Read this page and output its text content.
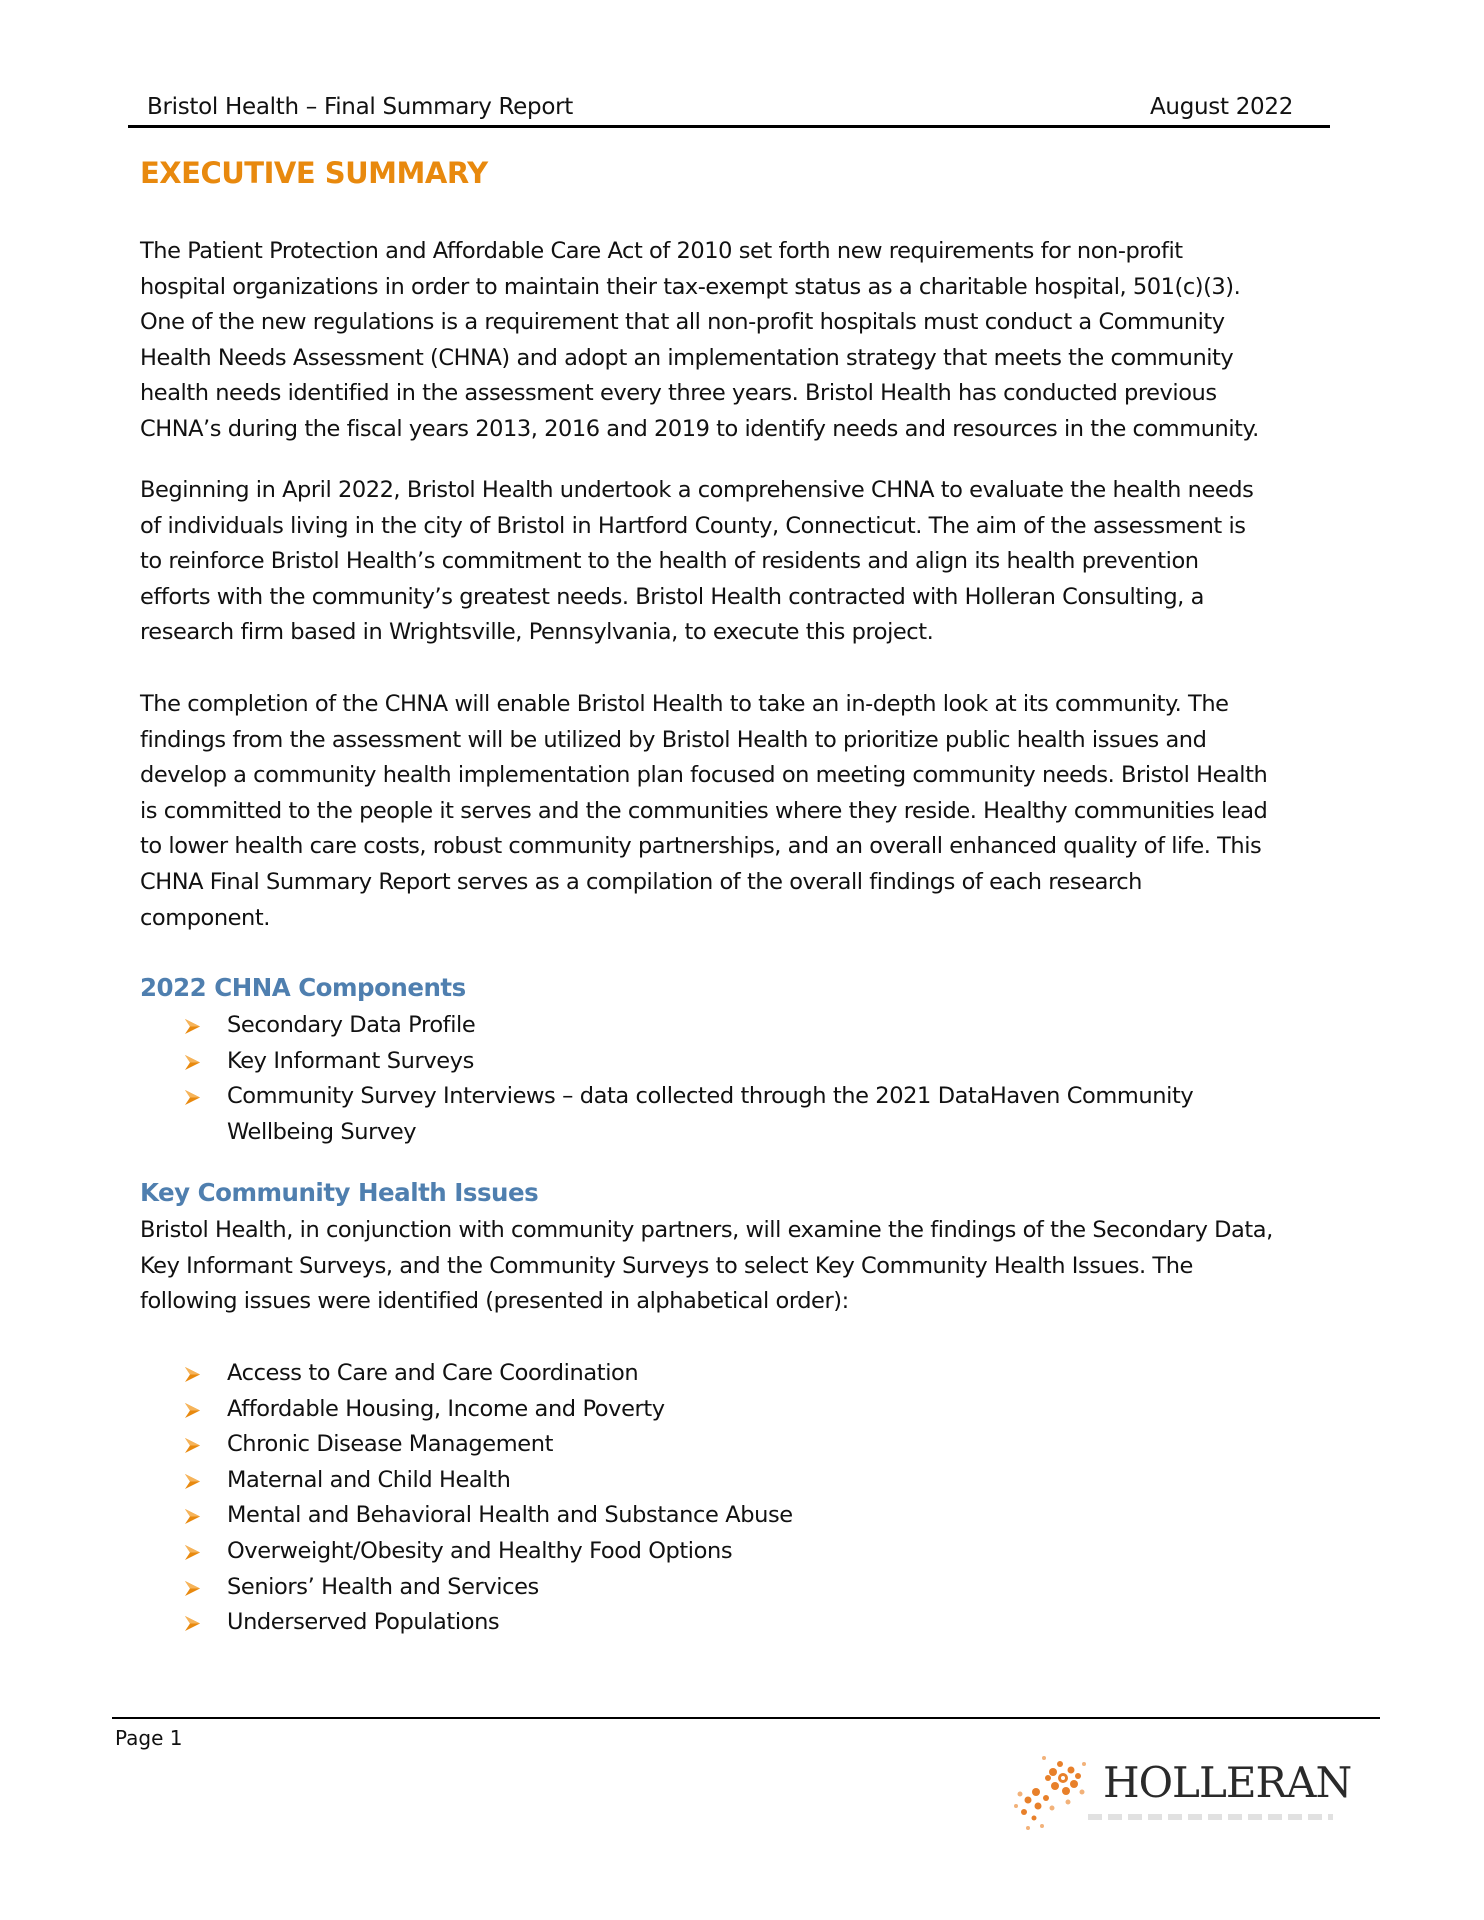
Bristol Health – Final Summary Report	August 2022
EXECUTIVE SUMMARY
The Patient Protection and Affordable Care Act of 2010 set forth new requirements for non-profit
hospital organizations in order to maintain their tax-exempt status as a charitable hospital, 501(c)(3).
One of the new regulations is a requirement that all non-profit hospitals must conduct a Community
Health Needs Assessment (CHNA) and adopt an implementation strategy that meets the community
health needs identified in the assessment every three years. Bristol Health has conducted previous
CHNA’s during the fiscal years 2013, 2016 and 2019 to identify needs and resources in the community.
Beginning in April 2022, Bristol Health undertook a comprehensive CHNA to evaluate the health needs
of individuals living in the city of Bristol in Hartford County, Connecticut. The aim of the assessment is
to reinforce Bristol Health’s commitment to the health of residents and align its health prevention
efforts with the community’s greatest needs. Bristol Health contracted with Holleran Consulting, a
research firm based in Wrightsville, Pennsylvania, to execute this project.
The completion of the CHNA will enable Bristol Health to take an in-depth look at its community. The
findings from the assessment will be utilized by Bristol Health to prioritize public health issues and
develop a community health implementation plan focused on meeting community needs. Bristol Health
is committed to the people it serves and the communities where they reside. Healthy communities lead
to lower health care costs, robust community partnerships, and an overall enhanced quality of life. This
CHNA Final Summary Report serves as a compilation of the overall findings of each research
component.
2022 CHNA Components
Secondary Data Profile
Key Informant Surveys
Community Survey Interviews – data collected through the 2021 DataHaven Community
Wellbeing Survey
Key Community Health Issues
Bristol Health, in conjunction with community partners, will examine the findings of the Secondary Data,
Key Informant Surveys, and the Community Surveys to select Key Community Health Issues. The
following issues were identified (presented in alphabetical order):
Access to Care and Care Coordination
Affordable Housing, Income and Poverty
Chronic Disease Management
Maternal and Child Health
Mental and Behavioral Health and Substance Abuse
Overweight/Obesity and Healthy Food Options
Seniors’ Health and Services
Underserved Populations
Page 1
HOLLERAN
